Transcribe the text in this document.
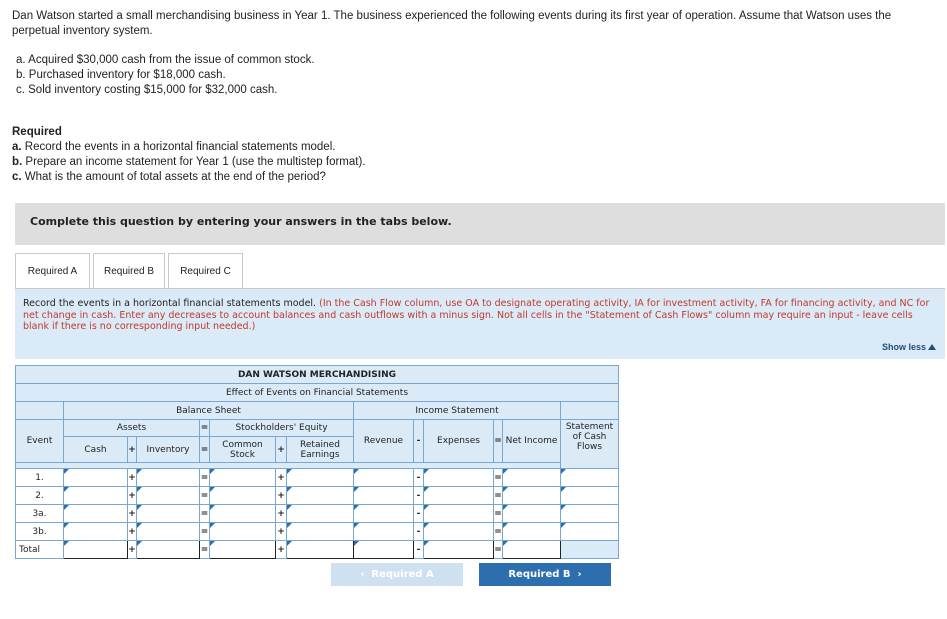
Dan Watson started a small merchandising business in Year 1. The business experienced the following events during its first year of operation. Assume that Watson uses the perpetual inventory system.

a. Acquired $30,000 cash from the issue of common stock.
b. Purchased inventory for $18,000 cash.
c. Sold inventory costing $15,000 for $32,000 cash.
Required
a. Record the events in a horizontal financial statements model.
b. Prepare an income statement for Year 1 (use the multistep format).
c. What is the amount of total assets at the end of the period?
Complete this question by entering your answers in the tabs below.
Required A	Required B	Required C
Record the events in a horizontal financial statements model. (In the Cash Flow column, use OA to designate operating activity, IA for investment activity, FA for financing activity, and NC for net change in cash. Enter any decreases to account balances and cash outflows with a minus sign. Not all cells in the "Statement of Cash Flows" column may require an input - leave cells blank if there is no corresponding input needed.)
Show less
DAN WATSON MERCHANDISING													
Effect of Events on Financial Statements													
	Balance Sheet							Income Statement					
Event	Assets			=	Stockholders' Equity			Revenue	-	Expenses	=	Net Income	Statement of Cash Flows
	Cash	+	Inventory	=	Common Stock	+	Retained Earnings						

1.		+		=		+			-		=		
2.		+		=		+			-		=		
3a.		+		=		+			-		=		
3b.		+		=		+			-		=		
Total		+		=		+			-		=		
‹  Required A	Required B  ›
